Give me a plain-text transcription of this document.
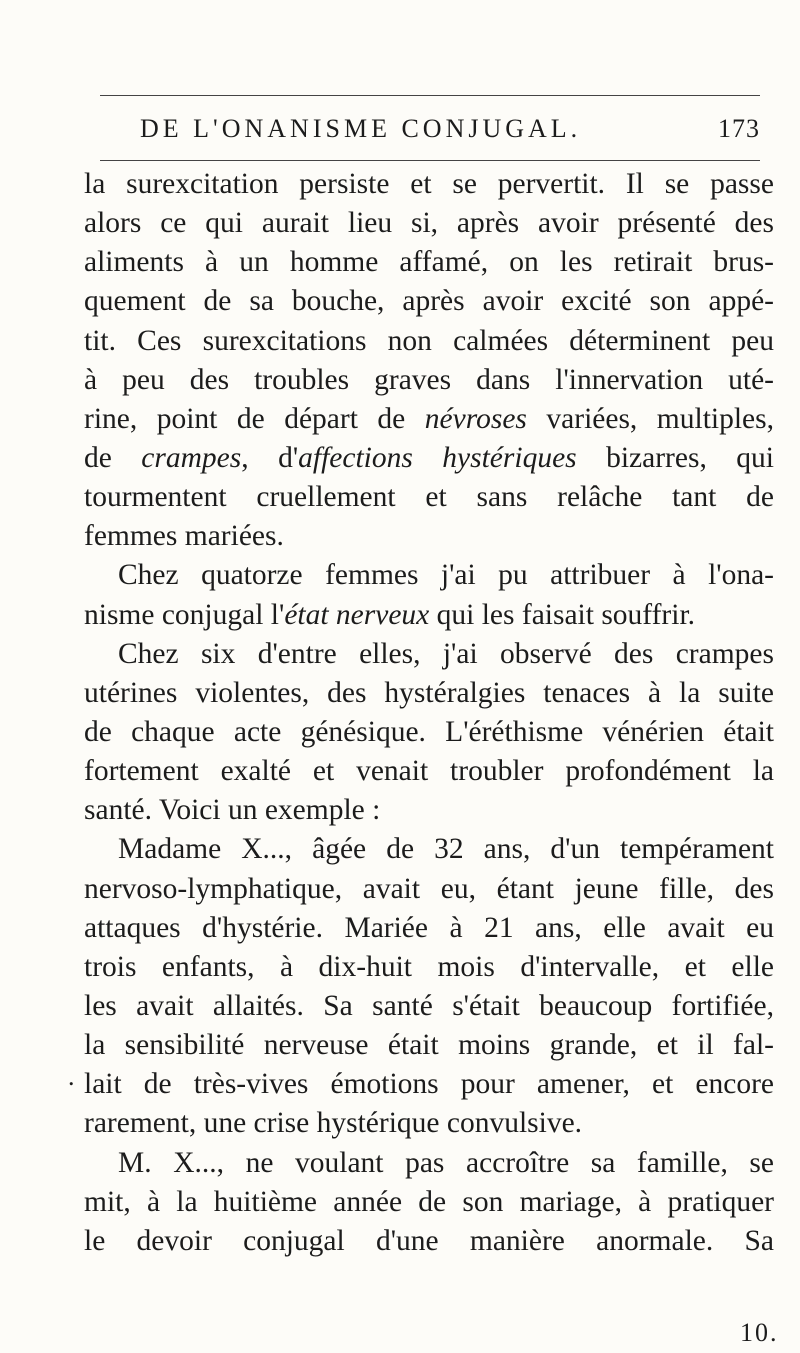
DE L'ONANISME CONJUGAL.	173
la surexcitation persiste et se pervertit. Il se passe
alors ce qui aurait lieu si, après avoir présenté des
aliments à un homme affamé, on les retirait brus-
quement de sa bouche, après avoir excité son appé-
tit. Ces surexcitations non calmées déterminent peu
à peu des troubles graves dans l'innervation uté-
rine, point de départ de névroses variées, multiples,
de crampes, d'affections hystériques bizarres, qui
tourmentent cruellement et sans relâche tant de
femmes mariées.
Chez quatorze femmes j'ai pu attribuer à l'ona-
nisme conjugal l'état nerveux qui les faisait souffrir.
Chez six d'entre elles, j'ai observé des crampes
utérines violentes, des hystéralgies tenaces à la suite
de chaque acte génésique. L'éréthisme vénérien était
fortement exalté et venait troubler profondément la
santé. Voici un exemple :
Madame X..., âgée de 32 ans, d'un tempérament
nervoso-lymphatique, avait eu, étant jeune fille, des
attaques d'hystérie. Mariée à 21 ans, elle avait eu
trois enfants, à dix-huit mois d'intervalle, et elle
les avait allaités. Sa santé s'était beaucoup fortifiée,
la sensibilité nerveuse était moins grande, et il fal-
lait de très-vives émotions pour amener, et encore
rarement, une crise hystérique convulsive.
M. X..., ne voulant pas accroître sa famille, se
mit, à la huitième année de son mariage, à pratiquer
le devoir conjugal d'une manière anormale. Sa
.
10.
